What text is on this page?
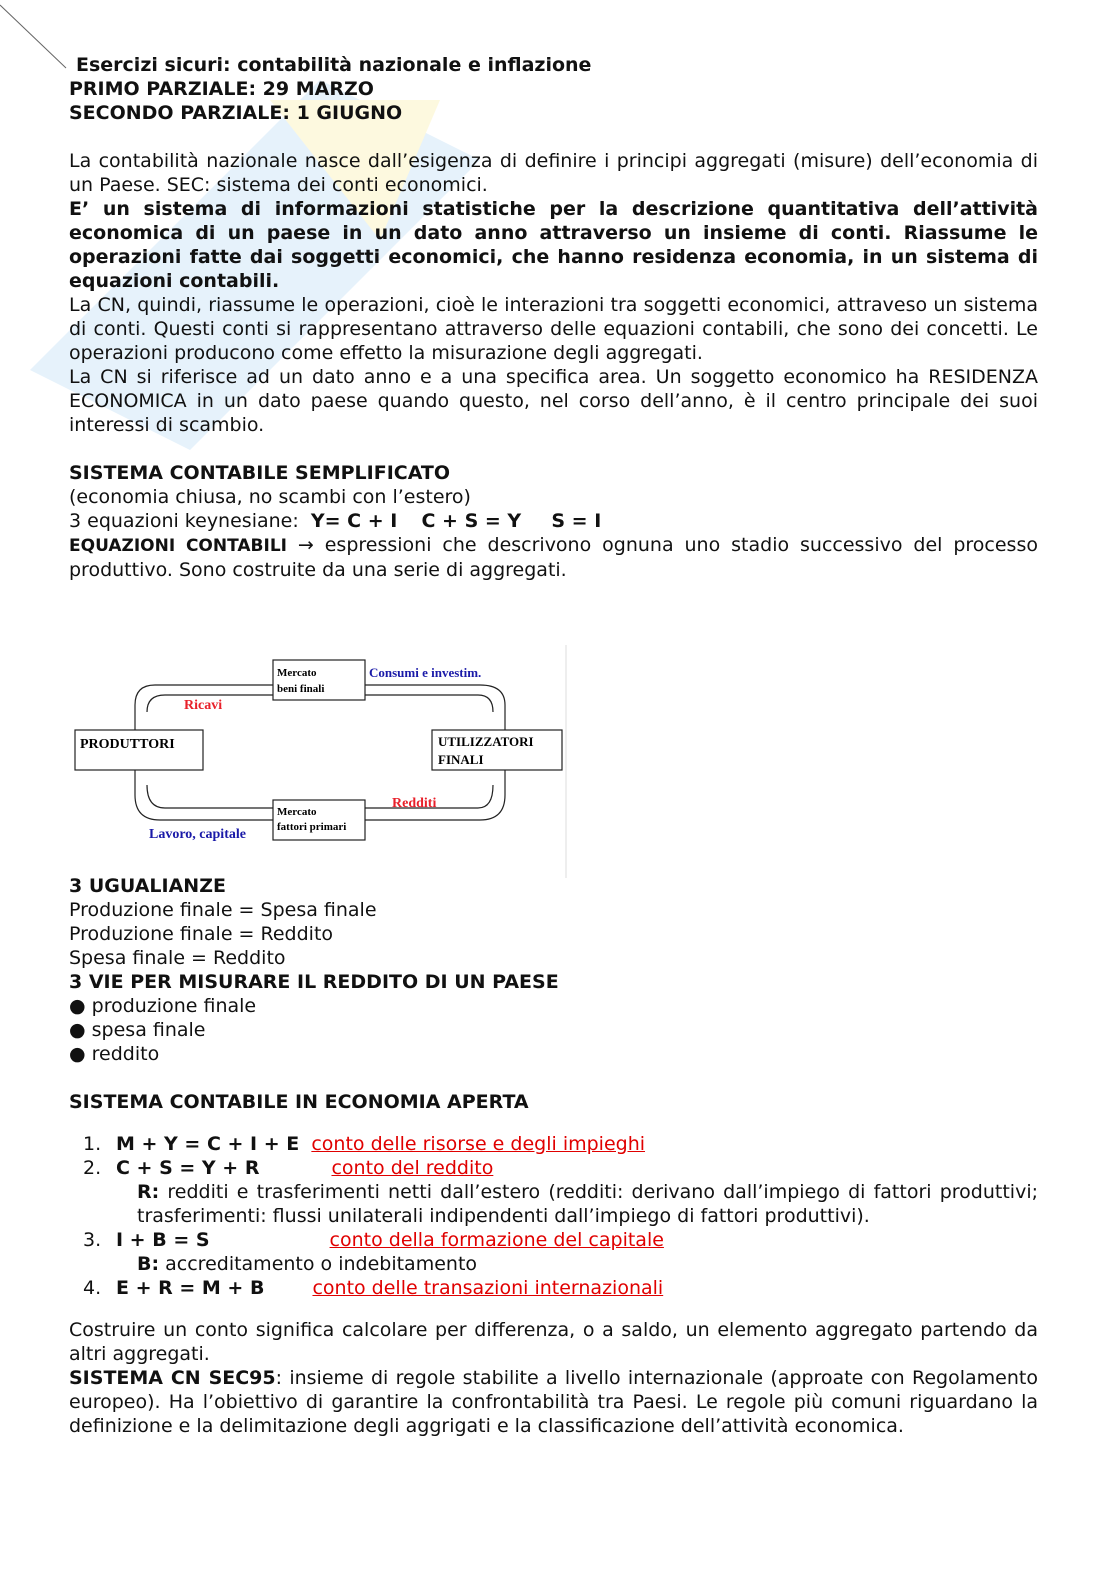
Esercizi sicuri: contabilità nazionale e inflazione

PRIMO PARZIALE: 29 MARZO

SECONDO PARZIALE: 1 GIUGNO

La contabilità nazionale nasce dall’esigenza di definire i principi aggregati (misure) dell’economia di un Paese. SEC: sistema dei conti economici.

E’ un sistema di informazioni statistiche per la descrizione quantitativa dell’attività economica di un paese in un dato anno attraverso un insieme di conti. Riassume le operazioni fatte dai soggetti economici, che hanno residenza economia, in un sistema di equazioni contabili.

La CN, quindi, riassume le operazioni, cioè le interazioni tra soggetti economici, attraveso un sistema di conti. Questi conti si rappresentano attraverso delle equazioni contabili, che sono dei concetti. Le operazioni producono come effetto la misurazione degli aggregati.

La CN si riferisce ad un dato anno e a una specifica area. Un soggetto economico ha RESIDENZA ECONOMICA in un dato paese quando questo, nel corso dell’anno, è il centro principale dei suoi interessi di scambio.

SISTEMA CONTABILE SEMPLIFICATO

(economia chiusa, no scambi con l’estero)

3 equazioni keynesiane: Y= C + I C + S = Y S = I

EQUAZIONI CONTABILI → espressioni che descrivono ognuna uno stadio successivo del processo produttivo. Sono costruite da una serie di aggregati.

PRODUTTORI	UTILIZZATORI
FINALI
Mercato
beni finali
Mercato
fattori primari
Ricavi
Consumi e investim.
Redditi
Lavoro, capitale

3 UGUALIANZE

Produzione finale = Spesa finale

Produzione finale = Reddito

Spesa finale = Reddito

3 VIE PER MISURARE IL REDDITO DI UN PAESE

● produzione finale

● spesa finale

● reddito

SISTEMA CONTABILE IN ECONOMIA APERTA

1. M + Y = C + I + E conto delle risorse e degli impieghi

2. C + S = Y + R	conto del reddito

R: redditi e trasferimenti netti dall’estero (redditi: derivano dall’impiego di fattori produttivi; trasferimenti: flussi unilaterali indipendenti dall’impiego di fattori produttivi).

3. I + B = S	conto della formazione del capitale

B: accreditamento o indebitamento

4. E + R = M + B	conto delle transazioni internazionali

Costruire un conto significa calcolare per differenza, o a saldo, un elemento aggregato partendo da altri aggregati.

SISTEMA CN SEC95: insieme di regole stabilite a livello internazionale (approate con Regolamento europeo). Ha l’obiettivo di garantire la confrontabilità tra Paesi. Le regole più comuni riguardano la definizione e la delimitazione degli aggrigati e la classificazione dell’attività economica.
